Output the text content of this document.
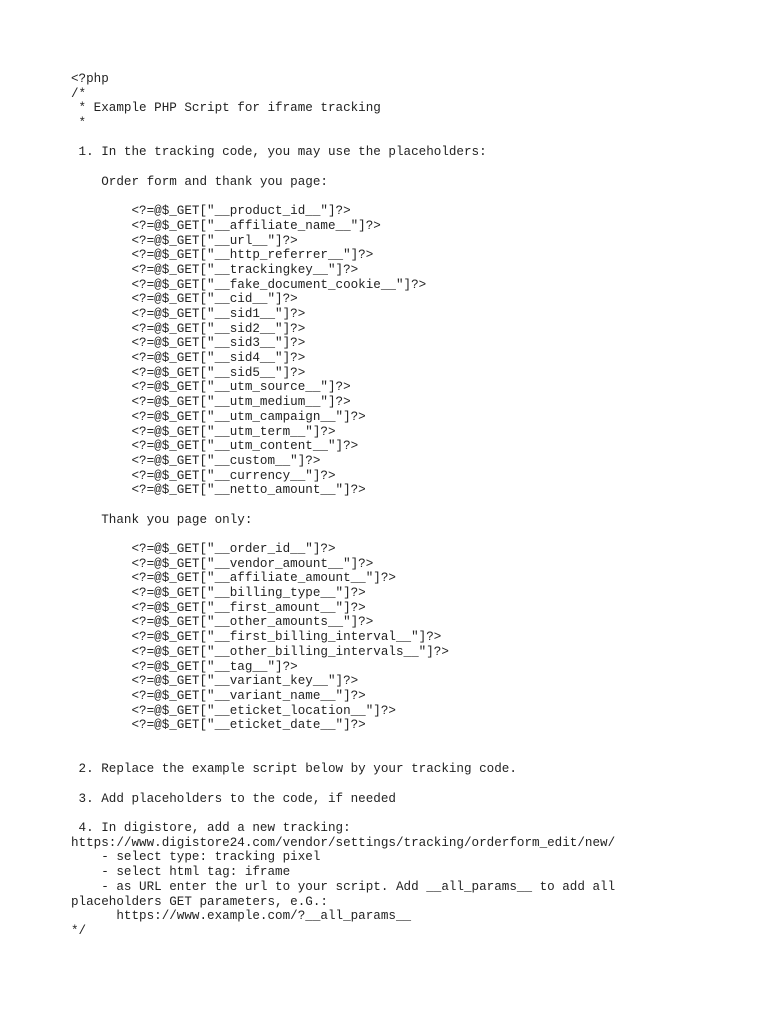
<?php
/*
* Example PHP Script for iframe tracking
*
1. In the tracking code, you may use the placeholders:
Order form and thank you page:
<?=@$_GET["__product_id__"]?>
<?=@$_GET["__affiliate_name__"]?>
<?=@$_GET["__url__"]?>
<?=@$_GET["__http_referrer__"]?>
<?=@$_GET["__trackingkey__"]?>
<?=@$_GET["__fake_document_cookie__"]?>
<?=@$_GET["__cid__"]?>
<?=@$_GET["__sid1__"]?>
<?=@$_GET["__sid2__"]?>
<?=@$_GET["__sid3__"]?>
<?=@$_GET["__sid4__"]?>
<?=@$_GET["__sid5__"]?>
<?=@$_GET["__utm_source__"]?>
<?=@$_GET["__utm_medium__"]?>
<?=@$_GET["__utm_campaign__"]?>
<?=@$_GET["__utm_term__"]?>
<?=@$_GET["__utm_content__"]?>
<?=@$_GET["__custom__"]?>
<?=@$_GET["__currency__"]?>
<?=@$_GET["__netto_amount__"]?>
Thank you page only:
<?=@$_GET["__order_id__"]?>
<?=@$_GET["__vendor_amount__"]?>
<?=@$_GET["__affiliate_amount__"]?>
<?=@$_GET["__billing_type__"]?>
<?=@$_GET["__first_amount__"]?>
<?=@$_GET["__other_amounts__"]?>
<?=@$_GET["__first_billing_interval__"]?>
<?=@$_GET["__other_billing_intervals__"]?>
<?=@$_GET["__tag__"]?>
<?=@$_GET["__variant_key__"]?>
<?=@$_GET["__variant_name__"]?>
<?=@$_GET["__eticket_location__"]?>
<?=@$_GET["__eticket_date__"]?>
2. Replace the example script below by your tracking code.
3. Add placeholders to the code, if needed
4. In digistore, add a new tracking:
https://www.digistore24.com/vendor/settings/tracking/orderform_edit/new/
- select type: tracking pixel
- select html tag: iframe
- as URL enter the url to your script. Add __all_params__ to add all
placeholders GET parameters, e.G.:
https://www.example.com/?__all_params__
*/
